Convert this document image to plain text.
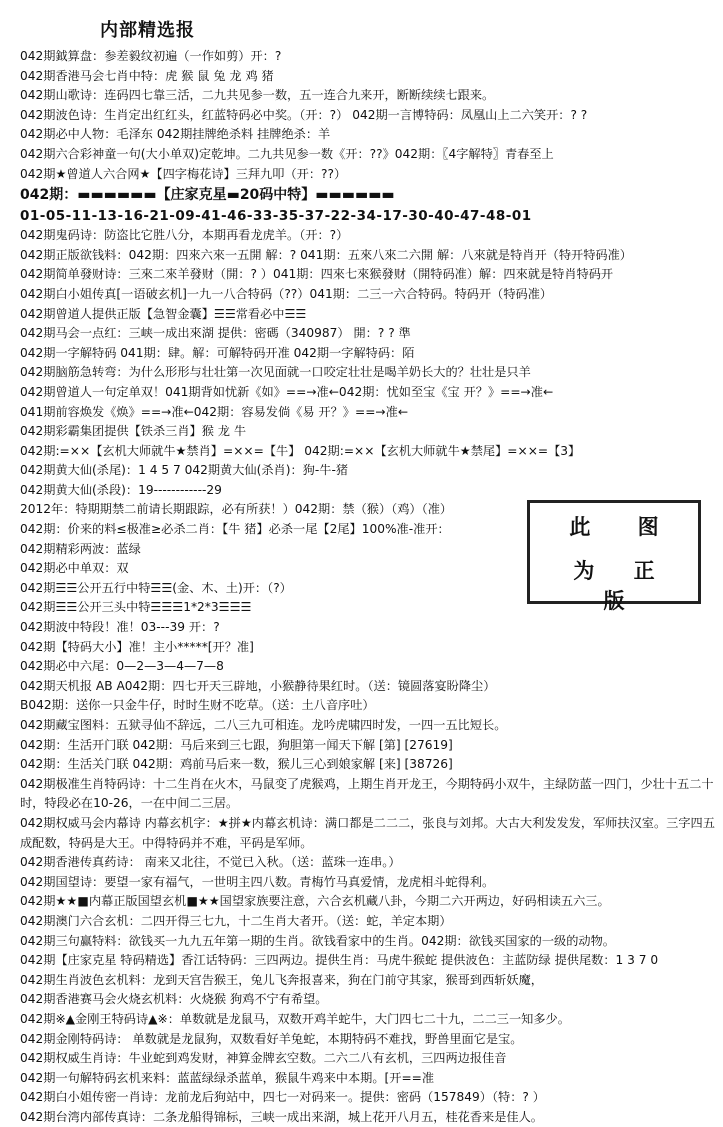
内部精选报
042期鉞算盘：参差毅纹初遍（一作如剪）开：?
042期香港马会七肖中特：虎 猴 鼠 兔 龙 鸡 猪
042期山歌诗：连码四七靠三活，二九共见参一数，五一连合九来开，断断续续七跟来。
042期波色诗：生肖定出红红头，红蓝特码必中奖。（开：?） 042期一言博特码：凤凰山上二六笑开：? ?
042期必中人物：毛泽东 042期挂牌绝杀料 挂牌绝杀：羊
042期六合彩神童一句(大小单双)定乾坤。二九共见参一数《开：??》042期：〖4字解特〗青春至上
042期★曾道人六合网★【四字梅花诗】三拜九叩（开：??）
042期：▬▬▬▬▬▬【庄家克星▬20码中特】▬▬▬▬▬▬
01-05-11-13-16-21-09-41-46-33-35-37-22-34-17-30-40-47-48-01
042期鬼码诗：防盗比它胜八分，本期再看龙虎羊。（开：?）
042期正版欲钱料：042期：四來六來一五開 解：? 041期：五來八來二六開 解：八來就是特肖开（特开特码准）
042期简单發财诗：三來二來羊發财（開：? ）041期：四來七來猴發财（開特码准）解：四來就是特肖特码开
042期白小姐传真[一语破玄机]一九一八合特码（??）041期：二三一六合特码。特码开（特码准）
042期曾道人提供正版【急智金囊】☰☰常看必中☰☰
042期马会一点红：三峡一成出來湖 提供：密碼（340987） 開：? ? 準
042期一字解特码 041期：肆。解：可解特码开准 042期一字解特码：陌
042期脑筋急转弯：为什么形形与壮壮第一次见面就一口咬定壮壮是喝羊奶长大的？壮壮是只羊
042期曾道人一句定单双！041期背如忧新《如》==→准←042期：忧如至宝《宝 开？》==→准←
041期前容焕发《焕》==→准←042期：容易发倘《易 开？》==→准←
042期彩霸集团提供【铁杀三肖】猴 龙 牛
042期:=××【玄机大师就牛★禁肖】=××=【牛】 042期:=××【玄机大师就牛★禁尾】=××=【3】
042期黄大仙(杀尾)：1 4 5 7 042期黄大仙(杀肖)：狗-牛-猪
042期黄大仙(杀段)：19------------29
2012年：特期期禁二前请长期跟踪，必有所获！）042期：禁（猴）（鸡）（准）
042期：价来的料≤极准≥必杀二肖：【牛 猪】必杀一尾【2尾】100%准-准开：
042期精彩两波：蓝绿
042期必中单双：双
042期☰☰公开五行中特☰☰(金、木、土)开：（?）
042期☰☰公开三头中特☰☰☰1*2*3☰☰☰
042期波中特段！准！03---39 开：?
042期【特码大小】准！主小*****[开？准]
042期必中六尾：0—2—3—4—7—8
042期天机报 AB A042期：四七开天三辟地，小猴静待果红时。（送：镜圆落宴盼降尘）
B042期：送你一只金牛仔，时时生财不吃草。（送：土八音序吐）
042期藏宝图料：五狱寻仙不辞远，二八三九可相连。龙吟虎啸四时发，一四一五比短长。
042期：生活开门联 042期：马后来到三七跟，狗胆第一闻天下解 [第] [27619]
042期：生活关门联 042期：鸡前马后来一数，猴儿三心到娘家解 [来] [38726]
042期极准生肖特码诗：十二生肖在火木，马鼠变了虎猴鸡，上期生肖开龙王，今期特码小双牛，主绿防蓝一四门，少壮十五二十时，特段必在10-26，一在中间二三居。
042期权威马会内幕诗 内幕玄机字：★拼★内幕玄机诗：满口都是二二二，张良与刘邦。大古大利发发发，军师扶汉室。三字四五成配数，特码是大王。中得特码并不难，平码是军师。
042期香港传真药诗： 南来又北往，不觉已入秋。（送：蓝珠一连串。）
042期国望诗：要望一家有福气，一世明主四八数。青梅竹马真爱情，龙虎相斗蛇得利。
042期★★■内幕正版国望玄机■★★国望家族要注意，六合玄机藏八卦，今期二六开两边，好码相读五六三。
042期澳门六合玄机：二四开得三七九，十二生肖大者开。（送：蛇，羊定本期）
042期三句赢特料：欲钱买一九九五年第一期的生肖。欲钱看家中的生肖。042期：欲钱买国家的一级的动物。
042期【庄家克星 特码精选】香江话特码：三四两边。提供生肖：马虎牛猴蛇 提供波色：主蓝防绿 提供尾数：1 3 7 0
042期生肖波色玄机料：龙到天宫告猴王，兔儿飞奔报喜来，狗在门前守其家，猴哥到西斩妖魔，
042期香港赛马会火烧玄机料：火烧猴 狗鸡不宁有希望。
042期※▲金刚王特码诗▲※：单数就是龙鼠马，双数开鸡羊蛇牛，大门四七二十九，二二三一知多少。
042期金刚特码诗： 单数就是龙鼠狗，双数看好羊兔蛇，本期特码不难找，野兽里面它是宝。
042期权威生肖诗：牛业蛇到鸡发财，神算金牌玄空数。二六二八有玄机，三四两边报佳音
042期一句解特码玄机来料：蓝蓝绿绿杀蓝单，猴鼠牛鸡来中本期。[开==准
042期白小姐传密一肖诗：龙前龙后狗站中，四七一对码来一。提供：密码（157849）（特：? ）
042期台湾内部传真诗：二条龙船得锦标，三峡一成出来湖，城上花开八月五，桂花香来是佳人。
此 图
为 正 版
